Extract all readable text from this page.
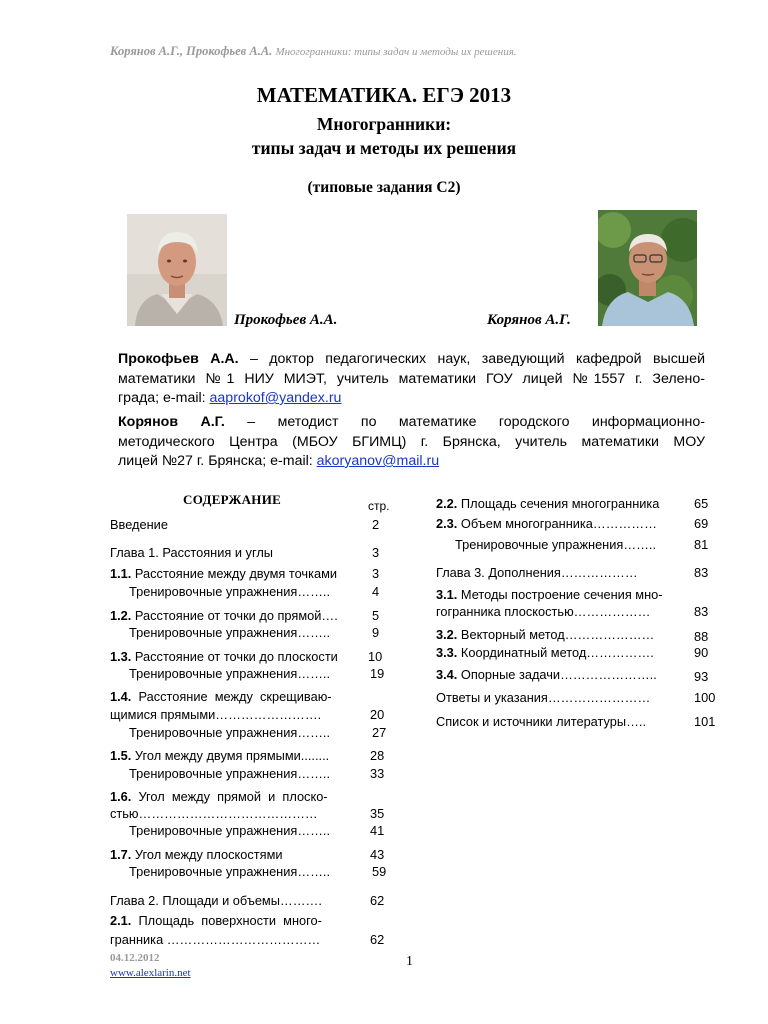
Корянов А.Г., Прокофьев А.А. Многогранники: типы задач и методы их решения.
МАТЕМАТИКА. ЕГЭ 2013
Многогранники:
типы задач и методы их решения
(типовые задания С2)
Прокофьев А.А.	Корянов А.Г.
Прокофьев А.А. – доктор педагогических наук, заведующий кафедрой высшей
математики №1 НИУ МИЭТ, учитель математики ГОУ лицей №1557 г. Зелено-
града; e-mail: aaprokof@yandex.ru
Корянов А.Г. – методист по математике городского информационно-
методического Центра (МБОУ БГИМЦ) г. Брянска, учитель математики МОУ
лицей №27 г. Брянска; e-mail: akoryanov@mail.ru
СОДЕРЖАНИЕ	стр.
Введение	2
Глава 1. Расстояния и углы	3
1.1. Расстояние между двумя точками	3
Тренировочные упражнения……..	4
1.2. Расстояние от точки до прямой….	5
Тренировочные упражнения……..	9
1.3. Расстояние от точки до плоскости 10
Тренировочные упражнения……..	19
1.4.  Расстояние  между  скрещиваю-
щимися прямыми…………………….	20
Тренировочные упражнения……..	27
1.5. Угол между двумя прямыми........	28
Тренировочные упражнения……..	33
1.6.  Угол  между  прямой  и  плоско-
стью……………………………………	35
Тренировочные упражнения……..	41
1.7. Угол между плоскостями	43
Тренировочные упражнения……..	59
Глава 2. Площади и объемы……….	62
2.1.  Площадь  поверхности  много-
гранника ………………………………	62
2.2. Площадь сечения многогранника	65
2.3. Объем многогранника……………	69
Тренировочные упражнения……..	81
Глава 3. Дополнения………………	83
3.1. Методы построение сечения мно-
гогранника плоскостью………………	83
3.2. Векторный метод…………………	88
3.3. Координатный метод…………….	90
3.4. Опорные задачи…………………..	93
Ответы и указания……………………	100
Список и источники литературы…..	101
04.12.2012
www.alexlarin.net
1
